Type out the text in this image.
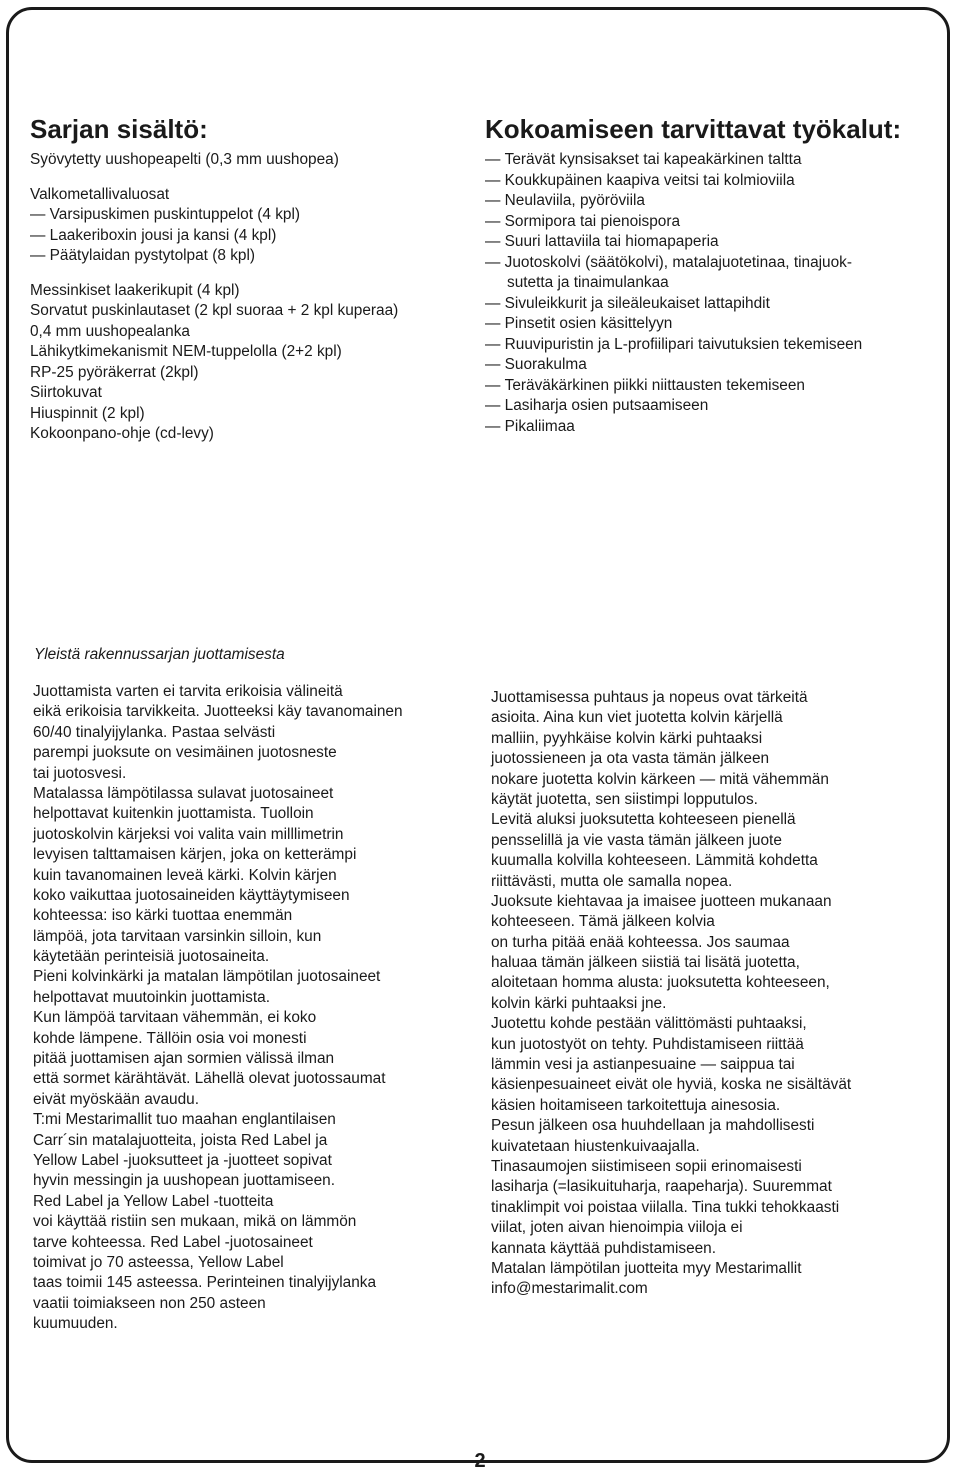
Sarjan sisältö:
Syövytetty uushopeapelti (0,3 mm uushopea)
Valkometallivaluosat
— Varsipuskimen puskintuppelot (4 kpl)
— Laakeriboxin jousi ja kansi (4 kpl)
— Päätylaidan pystytolpat (8 kpl)
Messinkiset laakerikupit (4 kpl)
Sorvatut puskinlautaset (2 kpl suoraa + 2 kpl kuperaa)
0,4 mm uushopealanka
Lähikytkimekanismit NEM-tuppelolla (2+2 kpl)
RP-25 pyöräkerrat (2kpl)
Siirtokuvat
Hiuspinnit (2 kpl)
Kokoonpano-ohje (cd-levy)
Kokoamiseen tarvittavat työkalut:
— Terävät kynsisakset tai kapeakärkinen taltta
— Koukkupäinen kaapiva veitsi tai kolmioviila
— Neulaviila, pyöröviila
— Sormipora tai pienoispora
— Suuri lattaviila tai hiomapaperia
— Juotoskolvi (säätökolvi), matalajuotetinaa, tinajuok-
sutetta ja tinaimulankaa
— Sivuleikkurit ja sileäleukaiset lattapihdit
— Pinsetit osien käsittelyyn
— Ruuvipuristin ja L-profiilipari taivutuksien tekemiseen
— Suorakulma
— Teräväkärkinen piikki niittausten tekemiseen
— Lasiharja osien putsaamiseen
— Pikaliimaa
Yleistä rakennussarjan juottamisesta
Juottamista varten ei tarvita erikoisia välineitä
eikä erikoisia tarvikkeita. Juotteeksi käy tavanomainen
60/40 tinalyijylanka. Pastaa selvästi
parempi juoksute on vesimäinen juotosneste
tai juotosvesi.
Matalassa lämpötilassa sulavat juotosaineet
helpottavat kuitenkin juottamista. Tuolloin
juotoskolvin kärjeksi voi valita vain milllimetrin
levyisen talttamaisen kärjen, joka on ketterämpi
kuin tavanomainen leveä kärki. Kolvin kärjen
koko vaikuttaa juotosaineiden käyttäytymiseen
kohteessa: iso kärki tuottaa enemmän
lämpöä, jota tarvitaan varsinkin silloin, kun
käytetään perinteisiä juotosaineita.
Pieni kolvinkärki ja matalan lämpötilan juotosaineet
helpottavat muutoinkin juottamista.
Kun lämpöä tarvitaan vähemmän, ei koko
kohde lämpene. Tällöin osia voi monesti
pitää juottamisen ajan sormien välissä ilman
että sormet kärähtävät. Lähellä olevat juotossaumat
eivät myöskään avaudu.
T:mi Mestarimallit tuo maahan englantilaisen
Carr´sin matalajuotteita, joista Red Label ja
Yellow Label -juoksutteet ja -juotteet sopivat
hyvin messingin ja uushopean juottamiseen.
Red Label ja Yellow Label -tuotteita
voi käyttää ristiin sen mukaan, mikä on lämmön
tarve kohteessa. Red Label -juotosaineet
toimivat jo 70 asteessa, Yellow Label
taas toimii 145 asteessa. Perinteinen tinalyijylanka
vaatii toimiakseen non 250 asteen
kuumuuden.
Juottamisessa puhtaus ja nopeus ovat tärkeitä
asioita. Aina kun viet juotetta kolvin kärjellä
malliin, pyyhkäise kolvin kärki puhtaaksi
juotossieneen ja ota vasta tämän jälkeen
nokare juotetta kolvin kärkeen — mitä vähemmän
käytät juotetta, sen siistimpi lopputulos.
Levitä aluksi juoksutetta kohteeseen pienellä
pensselillä ja vie vasta tämän jälkeen juote
kuumalla kolvilla kohteeseen. Lämmitä kohdetta
riittävästi, mutta ole samalla nopea.
Juoksute kiehtavaa ja imaisee juotteen mukanaan
kohteeseen. Tämä jälkeen kolvia
on turha pitää enää kohteessa. Jos saumaa
haluaa tämän jälkeen siistiä tai lisätä juotetta,
aloitetaan homma alusta: juoksutetta kohteeseen,
kolvin kärki puhtaaksi jne.
Juotettu kohde pestään välittömästi puhtaaksi,
kun juotostyöt on tehty. Puhdistamiseen riittää
lämmin vesi ja astianpesuaine — saippua tai
käsienpesuaineet eivät ole hyviä, koska ne sisältävät
käsien hoitamiseen tarkoitettuja ainesosia.
Pesun jälkeen osa huuhdellaan ja mahdollisesti
kuivatetaan hiustenkuivaajalla.
Tinasaumojen siistimiseen sopii erinomaisesti
lasiharja (=lasikuituharja, raapeharja). Suuremmat
tinaklimpit voi poistaa viilalla. Tina tukki tehokkaasti
viilat, joten aivan hienoimpia viiloja ei
kannata käyttää puhdistamiseen.
Matalan lämpötilan juotteita myy Mestarimallit
info@mestarimalit.com
2
